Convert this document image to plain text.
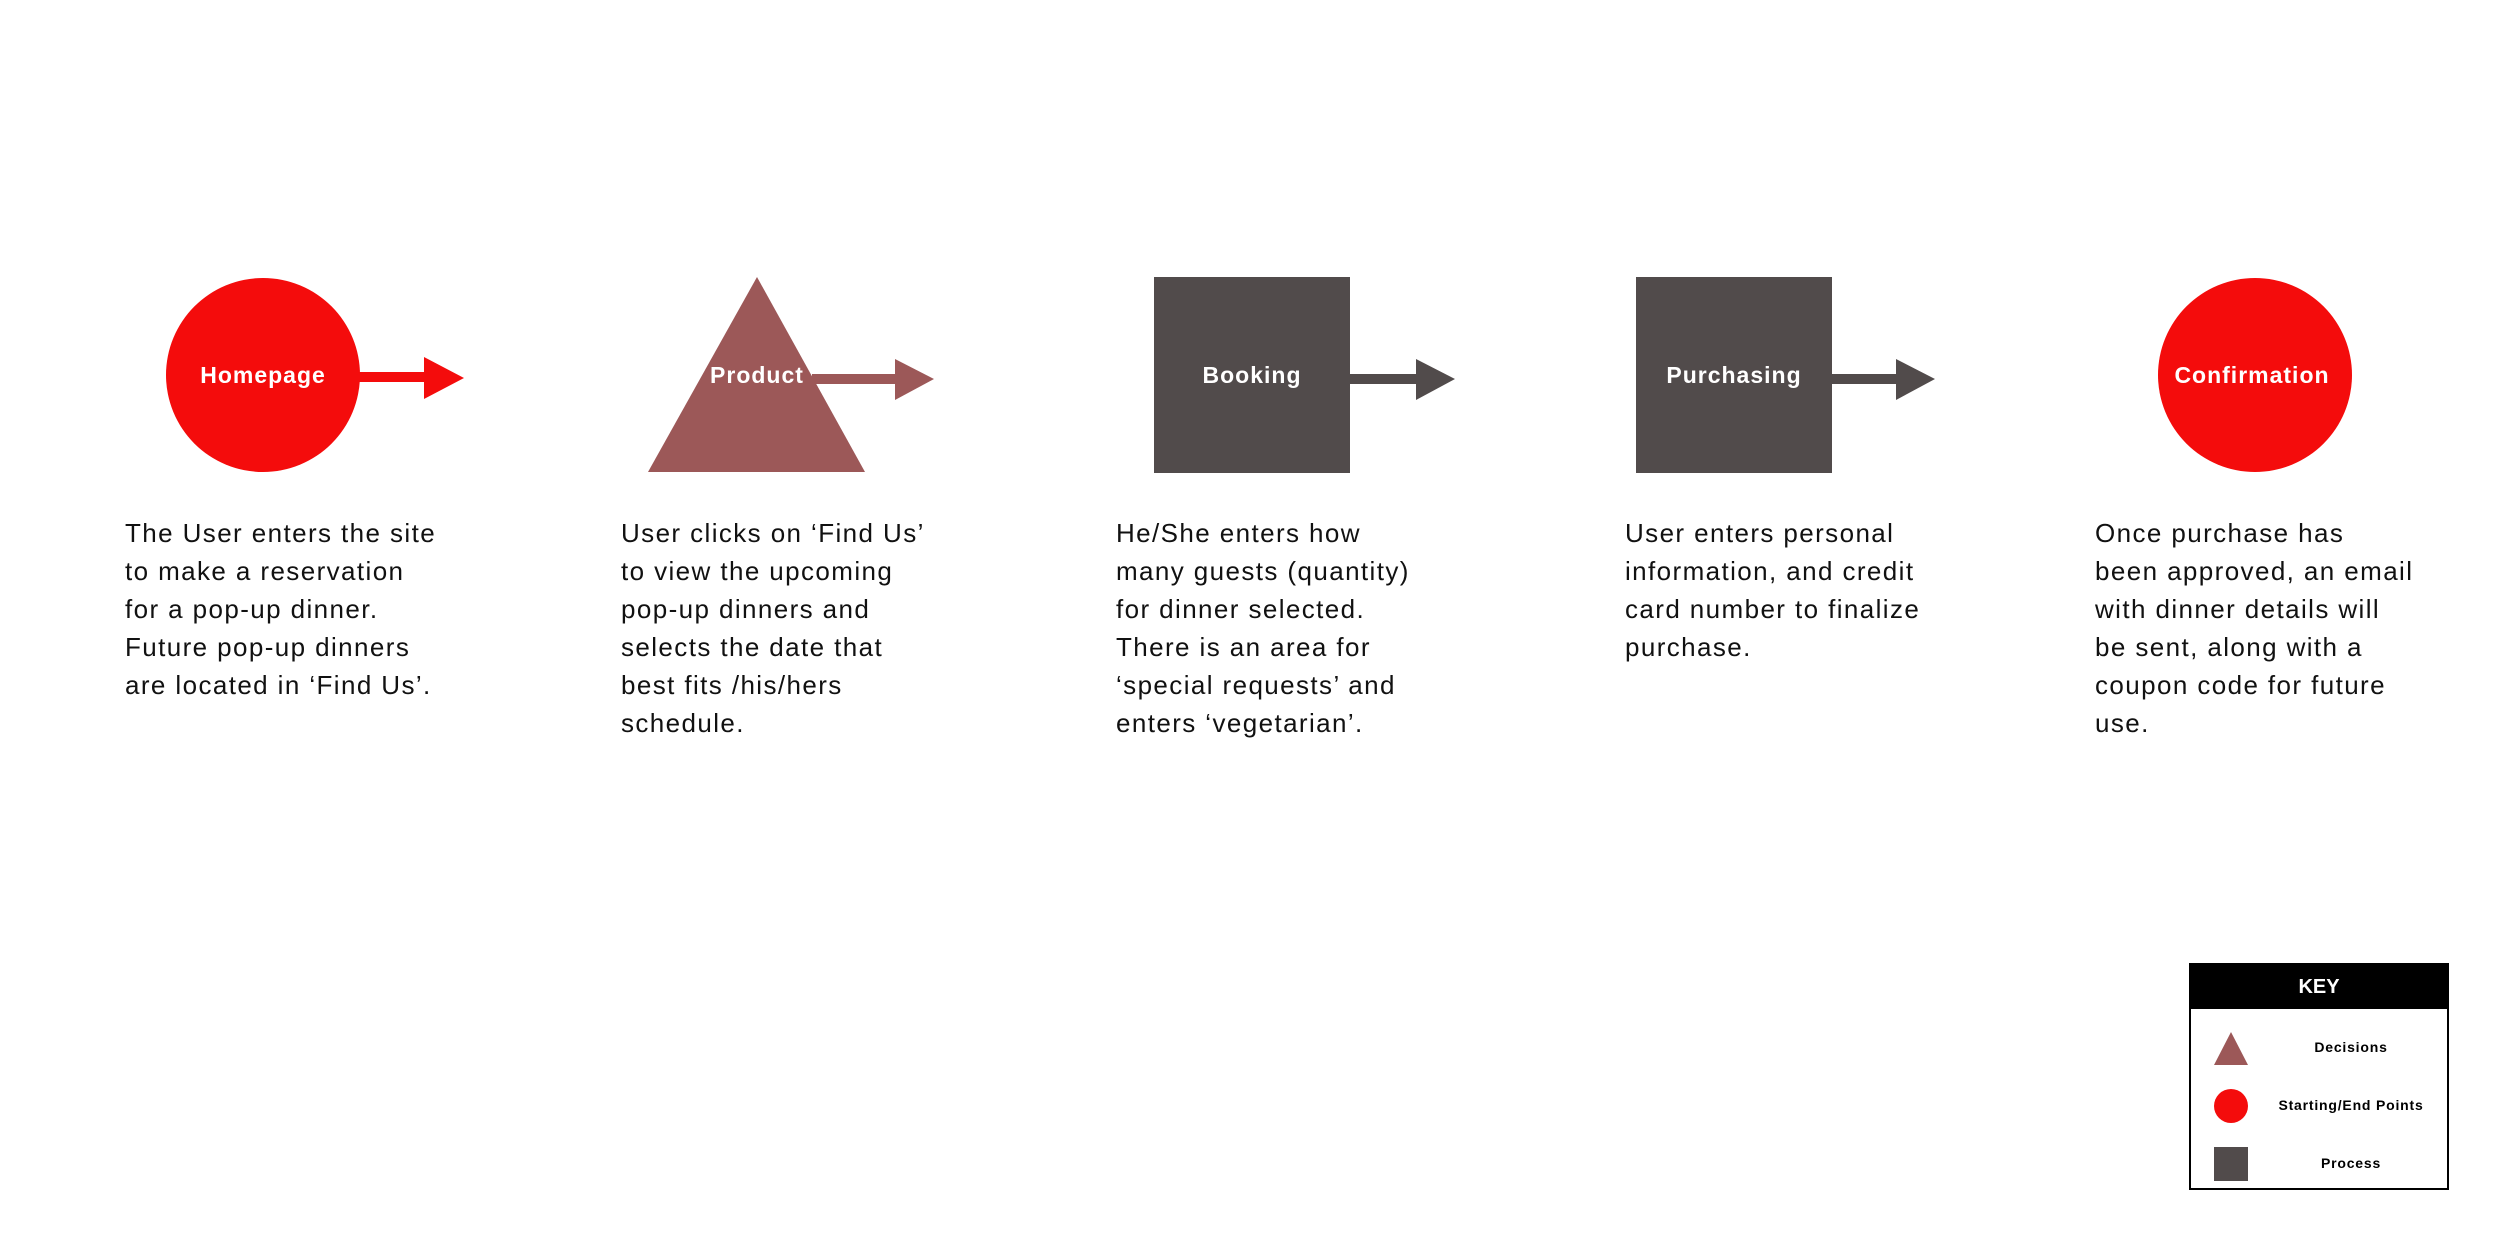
Homepage	Product	Booking	Purchasing	Confirmation

The User enters the site
to make a reservation
for a pop-up dinner.
Future pop-up dinners
are located in ‘Find Us’.

User clicks on ‘Find Us’
to view the upcoming
pop-up dinners and
selects the date that
best fits /his/hers
schedule.

He/She enters how
many guests (quantity)
for dinner selected.
There is an area for
‘special requests’ and
enters ‘vegetarian’.

User enters personal
information, and credit
card number to finalize
purchase.

Once purchase has
been approved, an email
with dinner details will
be sent, along with a
coupon code for future
use.

KEY
Decisions
Starting/End Points
Process
